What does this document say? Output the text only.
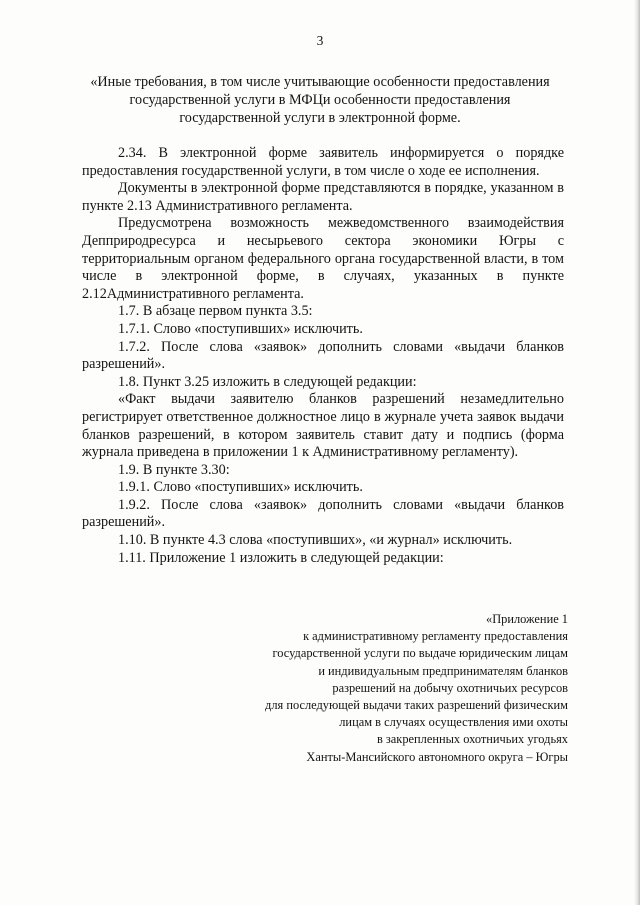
3
«Иные требования, в том числе учитывающие особенности предоставления государственной услуги в МФЦи особенности предоставления государственной услуги в электронной форме.

2.34. В электронной форме заявитель информируется о порядке предоставления государственной услуги, в том числе о ходе ее исполнения.

Документы в электронной форме представляются в порядке, указанном в пункте 2.13 Административного регламента.

Предусмотрена возможность межведомственного взаимодействия Депприродресурса и несырьевого сектора экономики Югры с территориальным органом федерального органа государственной власти, в том числе в электронной форме, в случаях, указанных в пункте 2.12Административного регламента.

1.7. В абзаце первом пункта 3.5:

1.7.1. Слово «поступивших» исключить.

1.7.2. После слова «заявок» дополнить словами «выдачи бланков разрешений».

1.8. Пункт 3.25 изложить в следующей редакции:

«Факт выдачи заявителю бланков разрешений незамедлительно регистрирует ответственное должностное лицо в журнале учета заявок выдачи бланков разрешений, в котором заявитель ставит дату и подпись (форма журнала приведена в приложении 1 к Административному регламенту).

1.9. В пункте 3.30:

1.9.1. Слово «поступивших» исключить.

1.9.2. После слова «заявок» дополнить словами «выдачи бланков разрешений».

1.10. В пункте 4.3 слова «поступивших», «и журнал» исключить.

1.11. Приложение 1 изложить в следующей редакции:

«Приложение 1
к административному регламенту предоставления
государственной услуги по выдаче юридическим лицам
и индивидуальным предпринимателям бланков
разрешений на добычу охотничьих ресурсов
для последующей выдачи таких разрешений физическим
лицам в случаях осуществления ими охоты
в закрепленных охотничьих угодьях
Ханты-Мансийского автономного округа – Югры
